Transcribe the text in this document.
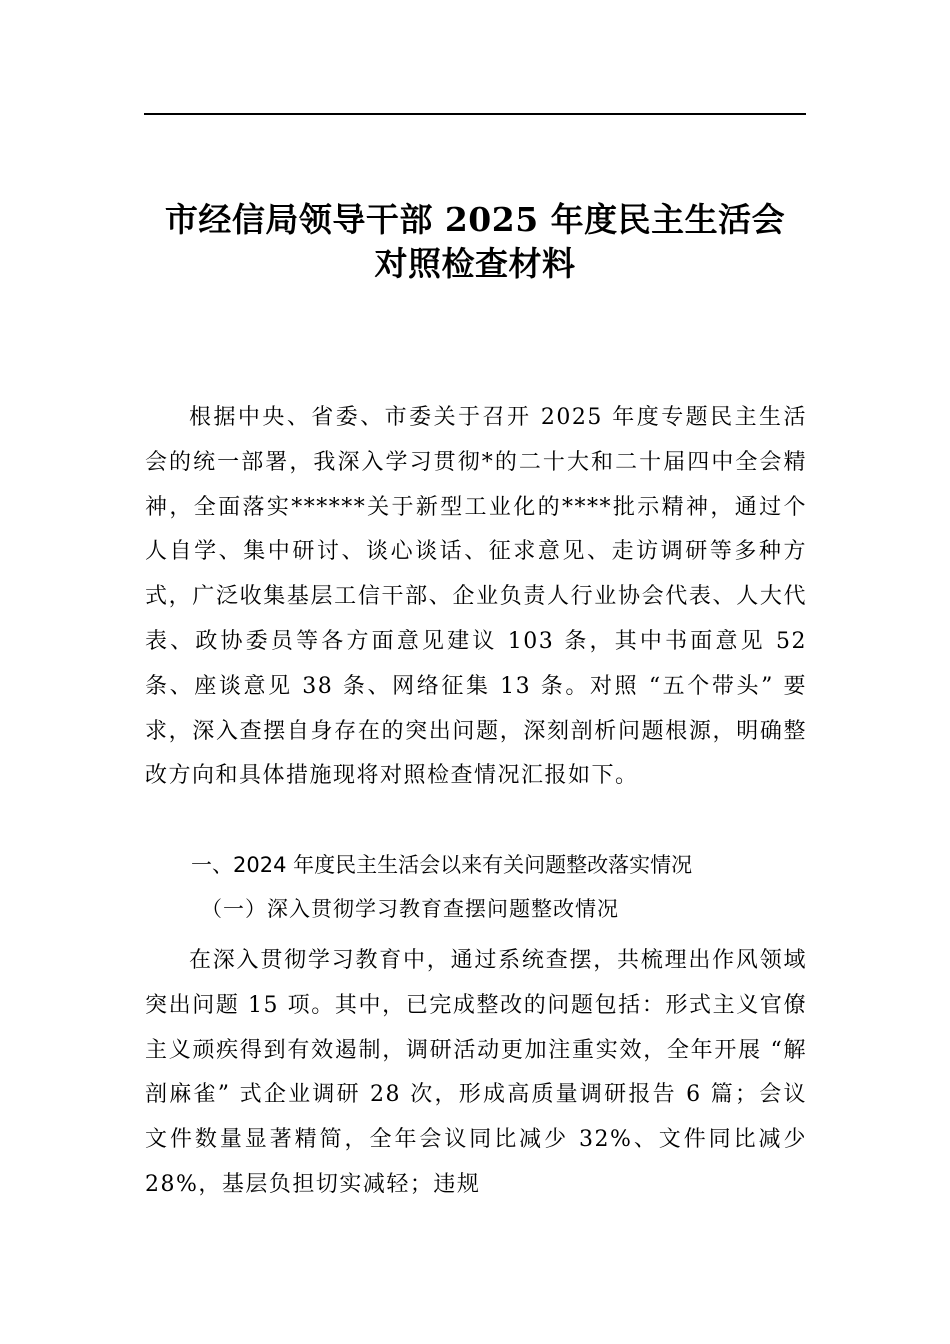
市经信局领导干部 2025 年度民主生活会
对照检查材料

根据中央、省委、市委关于召开 2025 年度专题民主生活会的统一部署，我深入学习贯彻*的二十大和二十届四中全会精神，全面落实******关于新型工业化的****批示精神，通过个人自学、集中研讨、谈心谈话、征求意见、走访调研等多种方式，广泛收集基层工信干部、企业负责人行业协会代表、人大代表、政协委员等各方面意见建议 103 条，其中书面意见 52 条、座谈意见 38 条、网络征集 13 条。对照 “五个带头” 要求，深入查摆自身存在的突出问题，深刻剖析问题根源，明确整改方向和具体措施现将对照检查情况汇报如下。

一、2024 年度民主生活会以来有关问题整改落实情况
（一）深入贯彻学习教育查摆问题整改情况

在深入贯彻学习教育中，通过系统查摆，共梳理出作风领域突出问题 15 项。其中，已完成整改的问题包括：形式主义官僚主义顽疾得到有效遏制，调研活动更加注重实效，全年开展 “解剖麻雀” 式企业调研 28 次，形成高质量调研报告 6 篇；会议文件数量显著精简，全年会议同比减少 32%、文件同比减少 28%，基层负担切实减轻；违规
